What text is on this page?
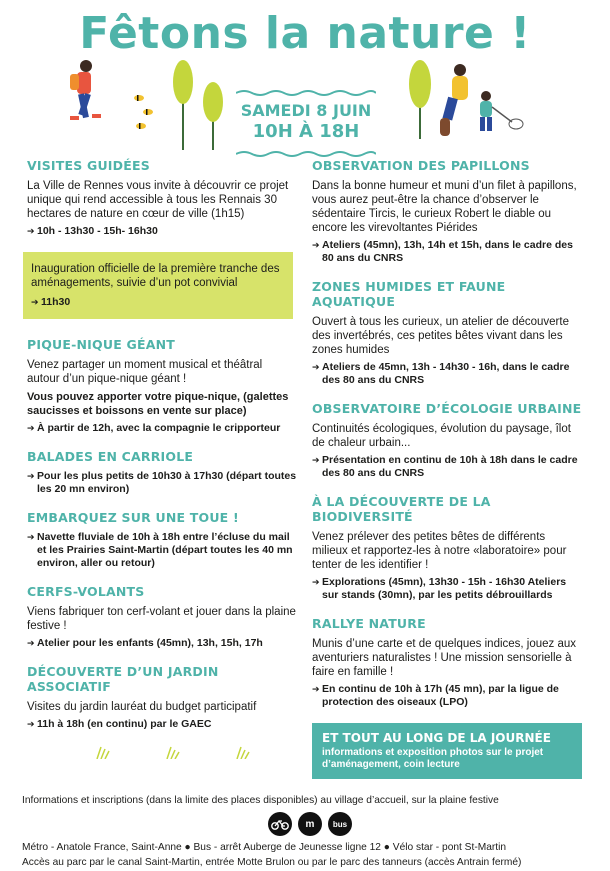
Fêtons la nature !
SAMEDI 8 JUIN
10H À 18H
VISITES GUIDÉES
La Ville de Rennes vous invite à découvrir ce projet unique qui rend accessible à tous les Rennais 30 hectares de nature en cœur de ville (1h15)
➔ 10h - 13h30 - 15h- 16h30
Inauguration officielle de la première tranche des aménagements, suivie d’un pot convivial
➔ 11h30
PIQUE-NIQUE GÉANT
Venez partager un moment musical et théâtral autour d’un pique-nique géant !
Vous pouvez apporter votre pique-nique, (galettes saucisses et boissons en vente sur place)
➔ À partir de 12h, avec la compagnie le cripporteur
BALADES EN CARRIOLE
➔ Pour les plus petits de 10h30 à 17h30 (départ toutes les 20 mn environ)
EMBARQUEZ SUR UNE TOUE !
➔ Navette fluviale de 10h à 18h entre l’écluse du mail et les Prairies Saint-Martin (départ toutes les 40 mn environ, aller ou retour)
CERFS-VOLANTS
Viens fabriquer ton cerf-volant et jouer dans la plaine festive !
➔ Atelier pour les enfants (45mn), 13h, 15h, 17h
DÉCOUVERTE D’UN JARDIN ASSOCIATIF
Visites du jardin lauréat du budget participatif
➔ 11h à 18h (en continu) par le GAEC
OBSERVATION DES PAPILLONS
Dans la bonne humeur et muni d’un filet à papillons, vous aurez peut-être la chance d’observer le sédentaire Tircis, le curieux Robert le diable ou encore les virevoltantes Piérides
➔ Ateliers (45mn), 13h, 14h et 15h, dans le cadre des 80 ans du CNRS
ZONES HUMIDES ET FAUNE AQUATIQUE
Ouvert à tous les curieux, un atelier de découverte des invertébrés, ces petites bêtes vivant dans les zones humides
➔ Ateliers de 45mn, 13h - 14h30 - 16h, dans le cadre des 80 ans du CNRS
OBSERVATOIRE D’ÉCOLOGIE URBAINE
Continuités écologiques, évolution du paysage, îlot de chaleur urbain...
➔ Présentation en continu de 10h à 18h dans le cadre des 80 ans du CNRS
À LA DÉCOUVERTE DE LA BIODIVERSITÉ
Venez prélever des petites bêtes de différents milieux et rapportez-les à notre «laboratoire» pour tenter de les identifier !
➔ Explorations (45mn), 13h30 - 15h - 16h30 Ateliers sur stands (30mn), par les petits débrouillards
RALLYE NATURE
Munis d’une carte et de quelques indices, jouez aux aventuriers naturalistes ! Une mission sensorielle à faire en famille !
➔ En continu de 10h à 17h (45 mn), par la ligue de protection des oiseaux (LPO)
ET TOUT AU LONG DE LA JOURNÉE
informations et exposition photos sur le projet d’aménagement, coin lecture
Informations et inscriptions (dans la limite des places disponibles) au village d’accueil, sur la plaine festive
m	bus
Métro - Anatole France, Saint-Anne ● Bus - arrêt Auberge de Jeunesse ligne 12 ● Vélo star - pont St-Martin
Accès au parc par le canal Saint-Martin, entrée Motte Brulon ou par le parc des tanneurs (accès Antrain fermé)
